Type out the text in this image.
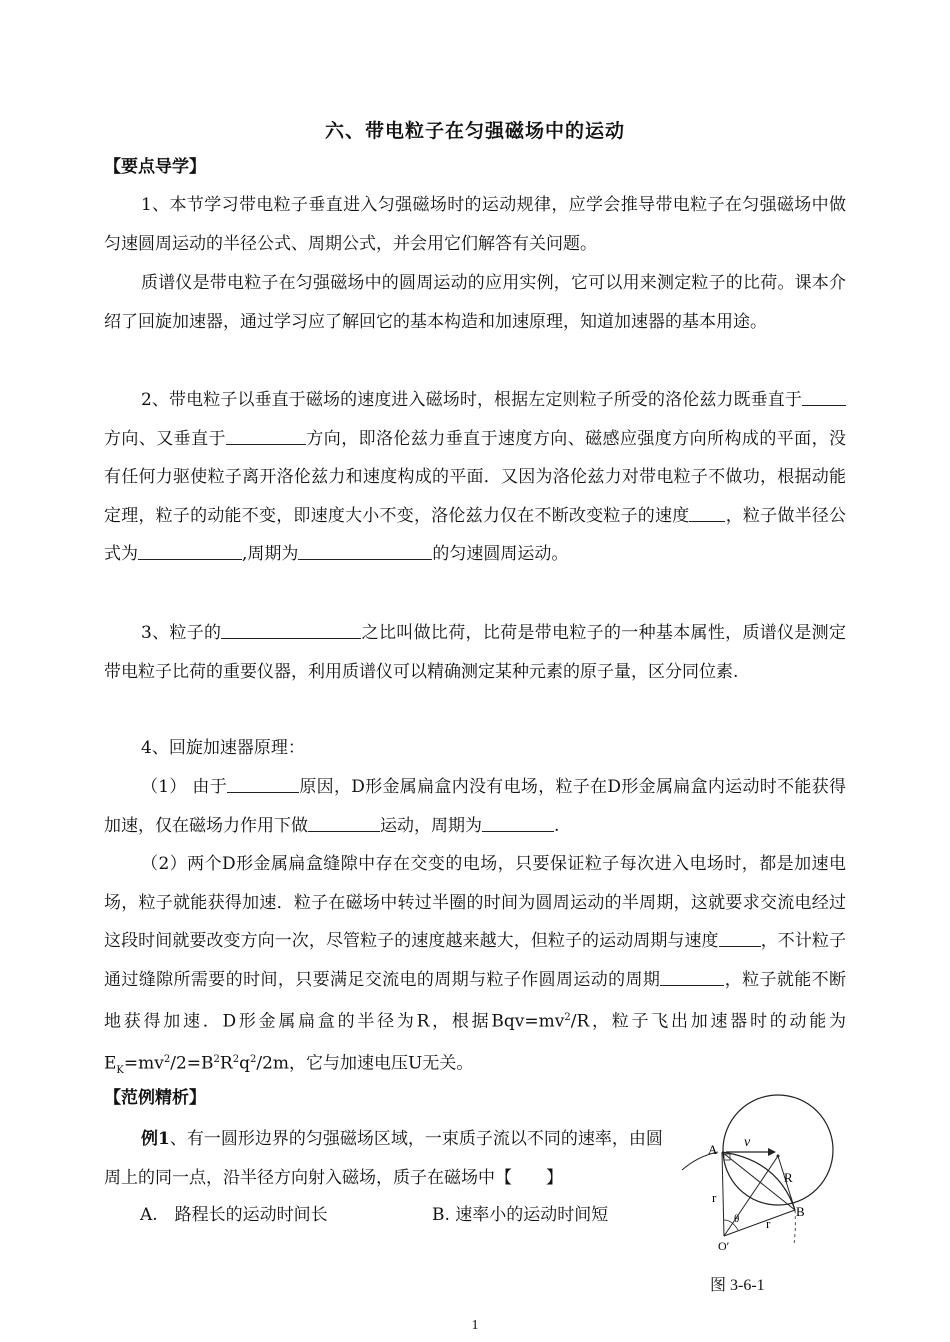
六、带电粒子在匀强磁场中的运动
【要点导学】
1、本节学习带电粒子垂直进入匀强磁场时的运动规律，应学会推导带电粒子在匀强磁场中做匀速圆周运动的半径公式、周期公式，并会用它们解答有关问题。
质谱仪是带电粒子在匀强磁场中的圆周运动的应用实例，它可以用来测定粒子的比荷。课本介绍了回旋加速器，通过学习应了解回它的基本构造和加速原理，知道加速器的基本用途。
2、带电粒子以垂直于磁场的速度进入磁场时，根据左定则粒子所受的洛伦兹力既垂直于方向、又垂直于	方向，即洛伦兹力垂直于速度方向、磁感应强度方向所构成的平面，没有任何力驱使粒子离开洛伦兹力和速度构成的平面．又因为洛伦兹力对带电粒子不做功，根据动能定理，粒子的动能不变，即速度大小不变，洛伦兹力仅在不断改变粒子的速度 ，粒子做半径公式为	,周期为	的匀速圆周运动。
3、粒子的	之比叫做比荷，比荷是带电粒子的一种基本属性，质谱仪是测定带电粒子比荷的重要仪器，利用质谱仪可以精确测定某种元素的原子量，区分同位素.
4、回旋加速器原理：
（1） 由于	原因，D形金属扁盒内没有电场，粒子在D形金属扁盒内运动时不能获得加速，仅在磁场力作用下做	运动，周期为	.
（2）两个D形金属扁盒缝隙中存在交变的电场，只要保证粒子每次进入电场时，都是加速电场，粒子就能获得加速．粒子在磁场中转过半圈的时间为圆周运动的半周期，这就要求交流电经过这段时间就要改变方向一次，尽管粒子的速度越来越大，但粒子的运动周期与速度 ，不计粒子通过缝隙所需要的时间，只要满足交流电的周期与粒子作圆周运动的周期	，粒子就能不断地获得加速．D形金属扁盒的半径为R，根据$Bqv=mv^2/R$，粒子飞出加速器时的动能为$E_K=mv^2/2=B^2R^2q^2/2m$，它与加速电压U无关。
【范例精析】
例1、有一圆形边界的匀强磁场区域，一束质子流以不同的速率，由圆周上的同一点，沿半径方向射入磁场，质子在磁场中【　　】
A.　路程长的运动时间长	B. 速率小的运动时间短
A v
R
r
r
θ	B
O′
图 3-6-1
1
